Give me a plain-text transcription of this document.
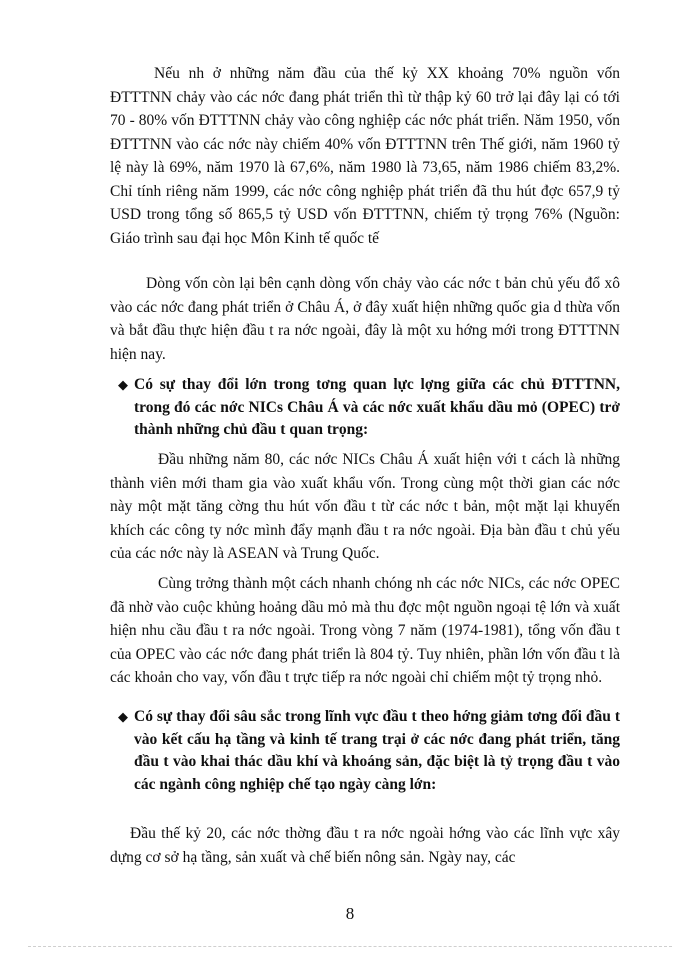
Nếu nh ở những năm đầu của thế kỷ XX khoảng 70% nguồn vốn ĐTTTNN chảy vào các nớc đang phát triển thì từ thập kỷ 60 trở lại đây lại có tới 70 - 80% vốn ĐTTTNN chảy vào công nghiệp các nớc phát triển. Năm 1950, vốn ĐTTTNN vào các nớc này chiếm 40% vốn ĐTTTNN trên Thế giới, năm 1960 tỷ lệ này là 69%, năm 1970 là 67,6%, năm 1980 là 73,65, năm 1986 chiếm 83,2%. Chỉ tính riêng năm 1999, các nớc công nghiệp phát triển đã thu hút đợc 657,9 tỷ USD trong tổng số 865,5 tỷ USD vốn ĐTTTNN, chiếm tỷ trọng 76% (Nguồn: Giáo trình sau đại học Môn Kinh tế quốc tế

Dòng vốn còn lại bên cạnh dòng vốn chảy vào các nớc t bản chủ yếu đổ xô vào các nớc đang phát triển ở Châu Á, ở đây xuất hiện những quốc gia d thừa vốn và bắt đầu thực hiện đầu t ra nớc ngoài, đây là một xu hớng mới trong ĐTTTNN hiện nay.

◆ Có sự thay đổi lớn trong tơng quan lực lợng giữa các chủ ĐTTTNN, trong đó các nớc NICs Châu Á và các nớc xuất khẩu dầu mỏ (OPEC) trở thành những chủ đầu t quan trọng:

Đầu những năm 80, các nớc NICs Châu Á xuất hiện với t cách là những thành viên mới tham gia vào xuất khẩu vốn. Trong cùng một thời gian các nớc này một mặt tăng cờng thu hút vốn đầu t từ các nớc t bản, một mặt lại khuyến khích các công ty nớc mình đẩy mạnh đầu t ra nớc ngoài. Địa bàn đầu t chủ yếu của các nớc này là ASEAN và Trung Quốc.

Cùng trởng thành một cách nhanh chóng nh các nớc NICs, các nớc OPEC đã nhờ vào cuộc khủng hoảng dầu mỏ mà thu đợc một nguồn ngoại tệ lớn và xuất hiện nhu cầu đầu t ra nớc ngoài. Trong vòng 7 năm (1974-1981), tổng vốn đầu t của OPEC vào các nớc đang phát triển là 804 tỷ. Tuy nhiên, phần lớn vốn đầu t là các khoản cho vay, vốn đầu t trực tiếp ra nớc ngoài chỉ chiếm một tỷ trọng nhỏ.

◆ Có sự thay đổi sâu sắc trong lĩnh vực đầu t theo hớng giảm tơng đối đầu t vào kết cấu hạ tầng và kinh tế trang trại ở các nớc đang phát triển, tăng đầu t vào khai thác dầu khí và khoáng sản, đặc biệt là tỷ trọng đầu t vào các ngành công nghiệp chế tạo ngày càng lớn:

Đầu thế kỷ 20, các nớc thờng đầu t ra nớc ngoài hớng vào các lĩnh vực xây dựng cơ sở hạ tầng, sản xuất và chế biến nông sản. Ngày nay, các

8
